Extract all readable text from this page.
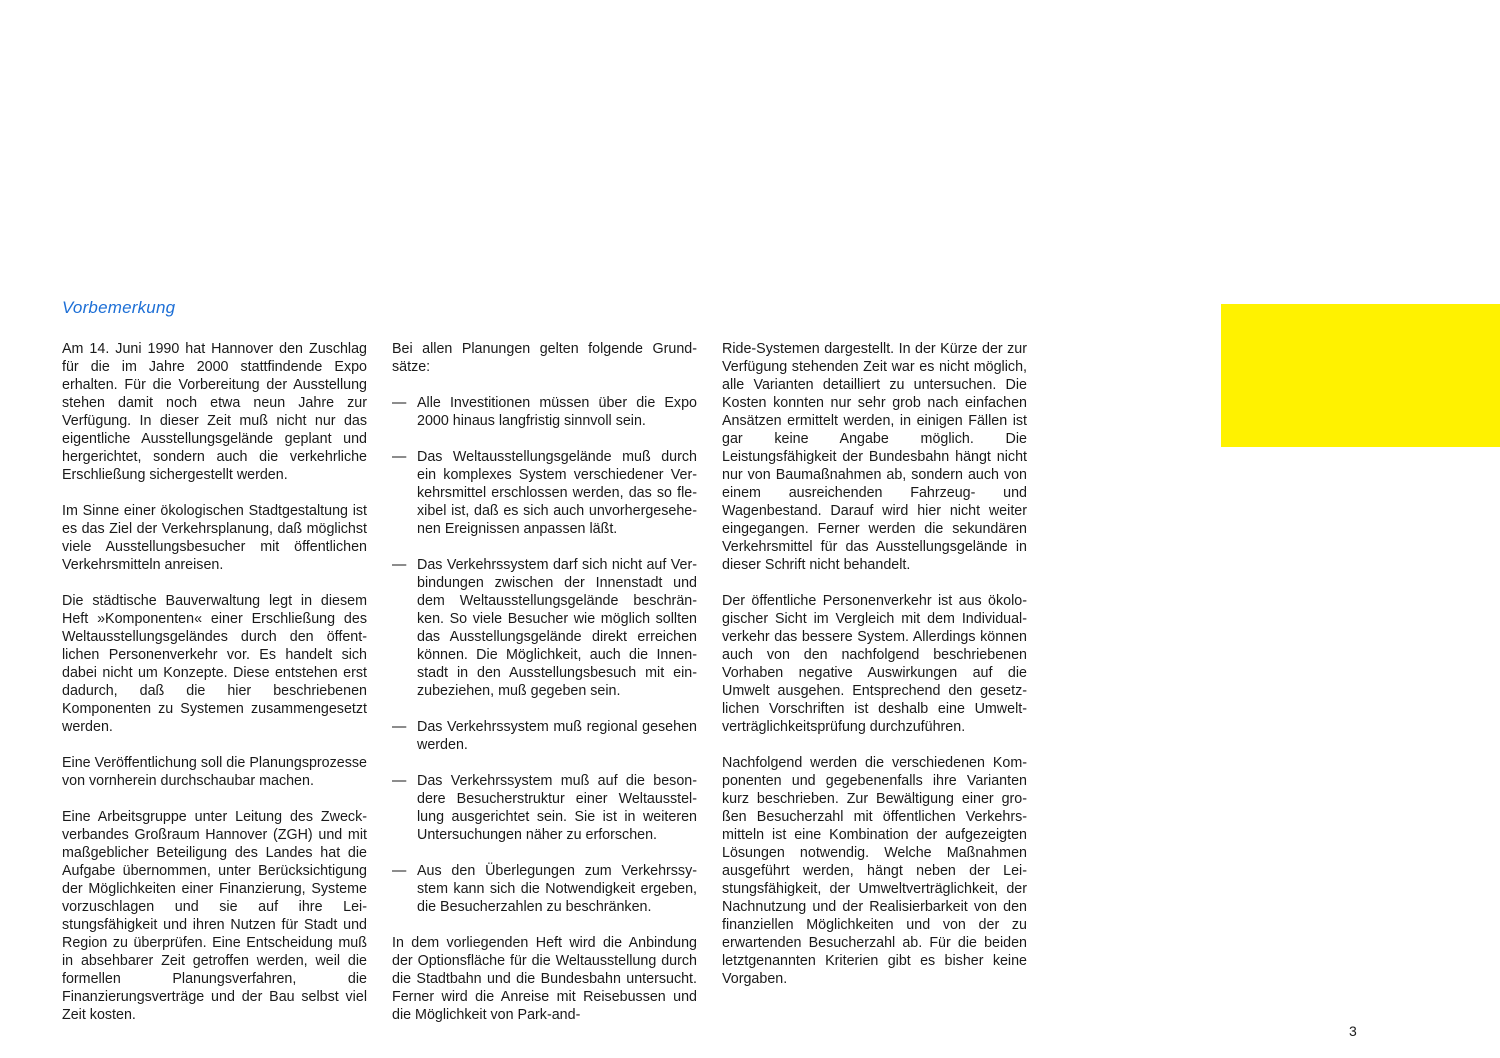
Vorbemerkung

Am 14. Juni 1990 hat Hannover den Zuschlag für die im Jahre 2000 stattfindende Expo erhalten. Für die Vorbereitung der Ausstellung stehen damit noch etwa neun Jahre zur Verfügung. In dieser Zeit muß nicht nur das eigentliche Ausstellungsgelände geplant und hergerichtet, sondern auch die verkehrliche Erschließung sichergestellt werden.

Im Sinne einer ökologischen Stadtgestaltung ist es das Ziel der Verkehrsplanung, daß möglichst viele Ausstellungsbesucher mit öffentlichen Verkehrsmitteln anreisen.

Die städtische Bauverwaltung legt in diesem Heft »Komponenten« einer Erschließung des Weltausstellungsgeländes durch den öffentlichen Personenverkehr vor. Es handelt sich dabei nicht um Konzepte. Diese entstehen erst dadurch, daß die hier beschriebenen Komponenten zu Systemen zusammengesetzt werden.

Eine Veröffentlichung soll die Planungsprozesse von vornherein durchschaubar machen.

Eine Arbeitsgruppe unter Leitung des Zweckverbandes Großraum Hannover (ZGH) und mit maßgeblicher Beteiligung des Landes hat die Aufgabe übernommen, unter Berücksichtigung der Möglichkeiten einer Finanzierung, Systeme vorzuschlagen und sie auf ihre Leistungsfähigkeit und ihren Nutzen für Stadt und Region zu überprüfen. Eine Entscheidung muß in absehbarer Zeit getroffen werden, weil die formellen Planungsverfahren, die Finanzierungsverträge und der Bau selbst viel Zeit kosten.

Bei allen Planungen gelten folgende Grundsätze:

— Alle Investitionen müssen über die Expo 2000 hinaus langfristig sinnvoll sein.
— Das Weltausstellungsgelände muß durch ein komplexes System verschiedener Verkehrsmittel erschlossen werden, das so flexibel ist, daß es sich auch unvorhergesehenen Ereignissen anpassen läßt.
— Das Verkehrssystem darf sich nicht auf Verbindungen zwischen der Innenstadt und dem Weltausstellungsgelände beschränken. So viele Besucher wie möglich sollten das Ausstellungsgelände direkt erreichen können. Die Möglichkeit, auch die Innenstadt in den Ausstellungsbesuch mit einzubeziehen, muß gegeben sein.
— Das Verkehrssystem muß regional gesehen werden.
— Das Verkehrssystem muß auf die besondere Besucherstruktur einer Weltausstellung ausgerichtet sein. Sie ist in weiteren Untersuchungen näher zu erforschen.
— Aus den Überlegungen zum Verkehrssystem kann sich die Notwendigkeit ergeben, die Besucherzahlen zu beschränken.

In dem vorliegenden Heft wird die Anbindung der Optionsfläche für die Weltausstellung durch die Stadtbahn und die Bundesbahn untersucht. Ferner wird die Anreise mit Reisebussen und die Möglichkeit von Park-and-

Ride-Systemen dargestellt. In der Kürze der zur Verfügung stehenden Zeit war es nicht möglich, alle Varianten detailliert zu untersuchen. Die Kosten konnten nur sehr grob nach einfachen Ansätzen ermittelt werden, in einigen Fällen ist gar keine Angabe möglich. Die Leistungsfähigkeit der Bundesbahn hängt nicht nur von Baumaßnahmen ab, sondern auch von einem ausreichenden Fahrzeug- und Wagenbestand. Darauf wird hier nicht weiter eingegangen. Ferner werden die sekundären Verkehrsmittel für das Ausstellungsgelände in dieser Schrift nicht behandelt.

Der öffentliche Personenverkehr ist aus ökologischer Sicht im Vergleich mit dem Individualverkehr das bessere System. Allerdings können auch von den nachfolgend beschriebenen Vorhaben negative Auswirkungen auf die Umwelt ausgehen. Entsprechend den gesetzlichen Vorschriften ist deshalb eine Umweltverträglichkeitsprüfung durchzuführen.

Nachfolgend werden die verschiedenen Komponenten und gegebenenfalls ihre Varianten kurz beschrieben. Zur Bewältigung einer großen Besucherzahl mit öffentlichen Verkehrsmitteln ist eine Kombination der aufgezeigten Lösungen notwendig. Welche Maßnahmen ausgeführt werden, hängt neben der Leistungsfähigkeit, der Umweltverträglichkeit, der Nachnutzung und der Realisierbarkeit von den finanziellen Möglichkeiten und von der zu erwartenden Besucherzahl ab. Für die beiden letztgenannten Kriterien gibt es bisher keine Vorgaben.

3
